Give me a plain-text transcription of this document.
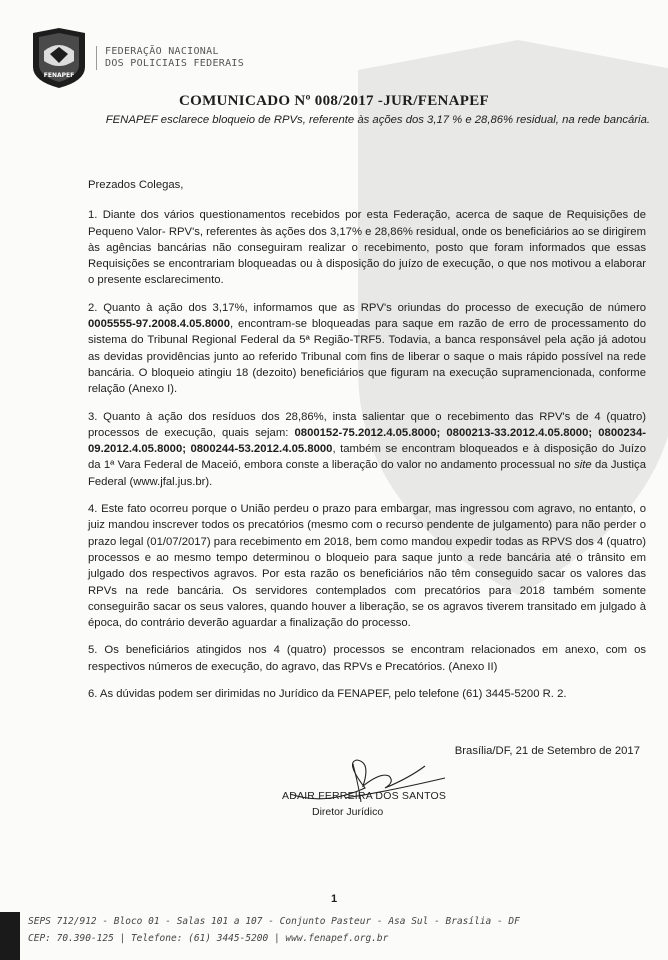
FENAPEF
FEDERAÇÃO NACIONAL
DOS POLICIAIS FEDERAIS
COMUNICADO Nº 008/2017 -JUR/FENAPEF
FENAPEF esclarece bloqueio de RPVs, referente às ações dos 3,17 % e 28,86% residual, na rede bancária.

Prezados Colegas,

1. Diante dos vários questionamentos recebidos por esta Federação, acerca de saque de Requisições de Pequeno Valor- RPV's, referentes às ações dos 3,17% e 28,86% residual, onde os beneficiários ao se dirigirem às agências bancárias não conseguiram realizar o recebimento, posto que foram informados que essas Requisições se encontrariam bloqueadas ou à disposição do juízo de execução, o que nos motivou a elaborar o presente esclarecimento.

2. Quanto à ação dos 3,17%, informamos que as RPV's oriundas do processo de execução de número 0005555-97.2008.4.05.8000, encontram-se bloqueadas para saque em razão de erro de processamento do sistema do Tribunal Regional Federal da 5ª Região-TRF5. Todavia, a banca responsável pela ação já adotou as devidas providências junto ao referido Tribunal com fins de liberar o saque o mais rápido possível na rede bancária. O bloqueio atingiu 18 (dezoito) beneficiários que figuram na execução supramencionada, conforme relação (Anexo I).

3. Quanto à ação dos resíduos dos 28,86%, insta salientar que o recebimento das RPV's de 4 (quatro) processos de execução, quais sejam: 0800152-75.2012.4.05.8000; 0800213-33.2012.4.05.8000; 0800234-09.2012.4.05.8000; 0800244-53.2012.4.05.8000, também se encontram bloqueados e à disposição do Juízo da 1ª Vara Federal de Maceió, embora conste a liberação do valor no andamento processual no site da Justiça Federal (www.jfal.jus.br).

4. Este fato ocorreu porque o União perdeu o prazo para embargar, mas ingressou com agravo, no entanto, o juiz mandou inscrever todos os precatórios (mesmo com o recurso pendente de julgamento) para não perder o prazo legal (01/07/2017) para recebimento em 2018, bem como mandou expedir todas as RPVS dos 4 (quatro) processos e ao mesmo tempo determinou o bloqueio para saque junto a rede bancária até o trânsito em julgado dos respectivos agravos. Por esta razão os beneficiários não têm conseguido sacar os valores das RPVs na rede bancária. Os servidores contemplados com precatórios para 2018 também somente conseguirão sacar os seus valores, quando houver a liberação, se os agravos tiverem transitado em julgado à época, do contrário deverão aguardar a finalização do processo.

5. Os beneficiários atingidos nos 4 (quatro) processos se encontram relacionados em anexo, com os respectivos números de execução, do agravo, das RPVs e Precatórios. (Anexo II)

6. As dúvidas podem ser dirimidas no Jurídico da FENAPEF, pelo telefone (61) 3445-5200 R. 2.

Brasília/DF, 21 de Setembro de 2017
ADAIR FERREIRA DOS SANTOS
Diretor Jurídico
1
SEPS 712/912 - Bloco 01 - Salas 101 a 107 - Conjunto Pasteur - Asa Sul - Brasília - DF
CEP: 70.390-125 | Telefone: (61) 3445-5200 | www.fenapef.org.br
